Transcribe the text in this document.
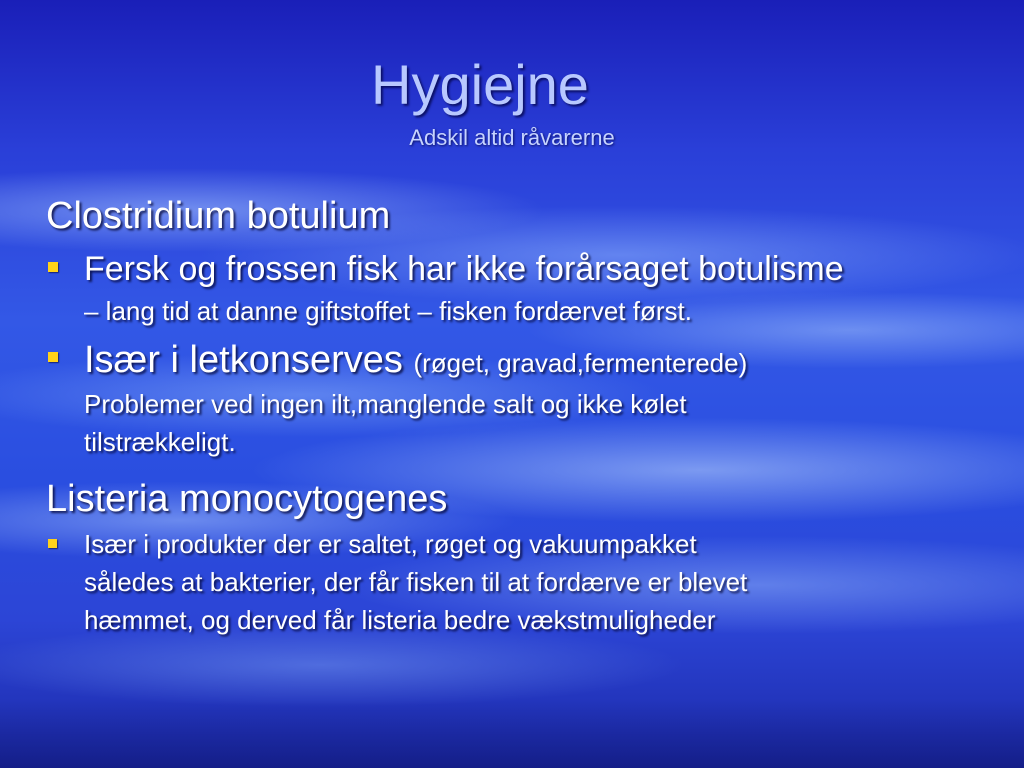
Hygiejne
Adskil altid råvarerne

Clostridium botulium

Fersk og frossen fisk har ikke forårsaget botulisme
– lang tid at danne giftstoffet – fisken fordærvet først.
Især i letkonserves (røget, gravad,fermenterede)
Problemer ved ingen ilt,manglende salt og ikke kølet
tilstrækkeligt.

Listeria monocytogenes

Især i produkter der er saltet, røget og vakuumpakket
således at bakterier, der får fisken til at fordærve er blevet
hæmmet, og derved får listeria bedre vækstmuligheder
